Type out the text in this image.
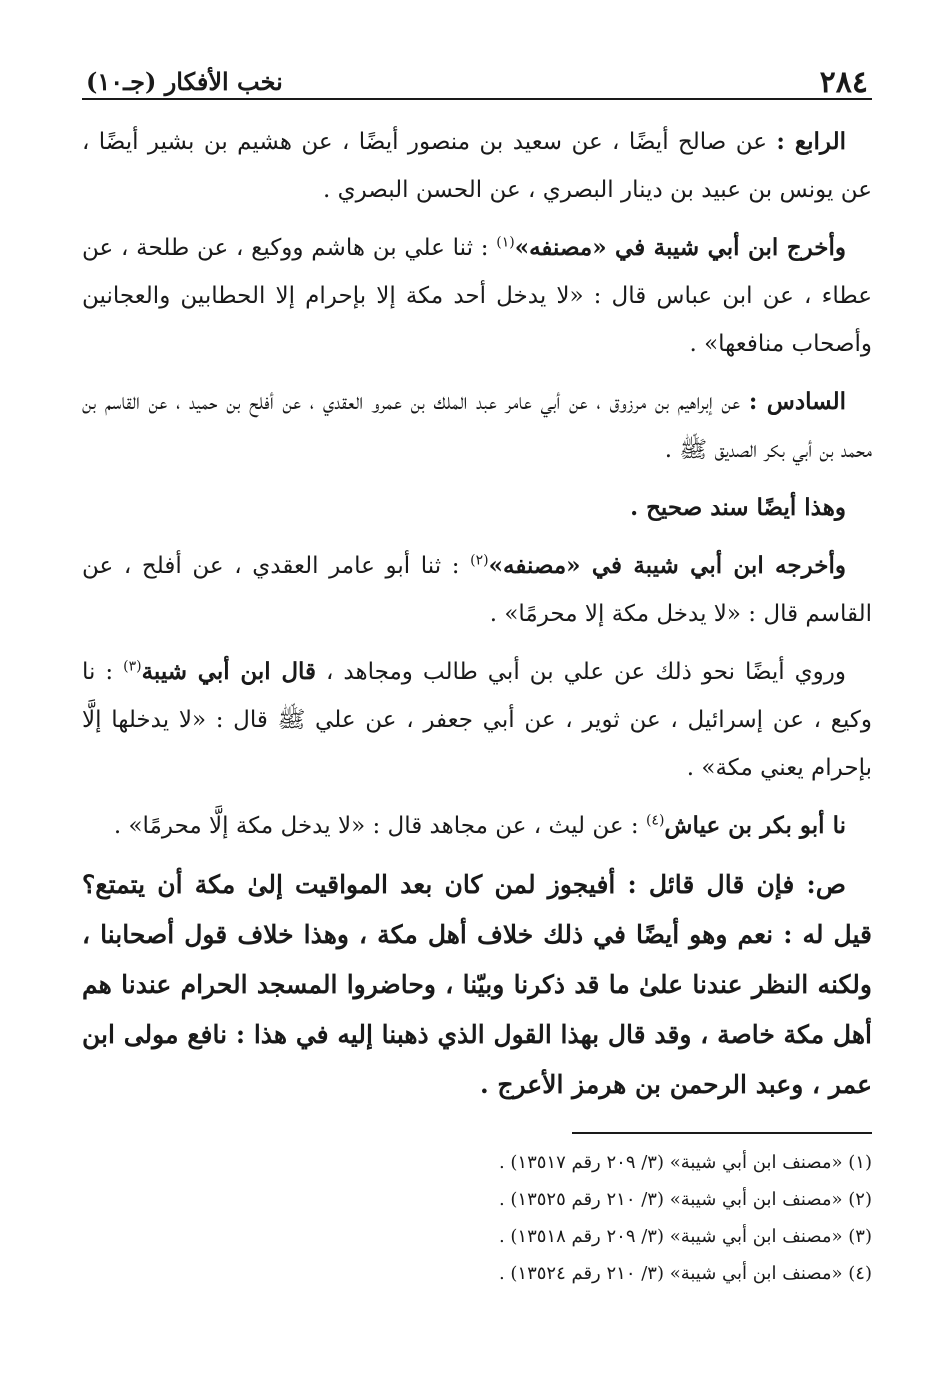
٢٨٤
نخب الأفكار (جـ١٠)

الرابع : عن صالح أيضًا ، عن سعيد بن منصور أيضًا ، عن هشيم بن بشير أيضًا ، عن يونس بن عبيد بن دينار البصري ، عن الحسن البصري .

وأخرج ابن أبي شيبة في «مصنفه»$^{(١)}$ : ثنا علي بن هاشم ووكيع ، عن طلحة ، عن عطاء ، عن ابن عباس قال : «لا يدخل أحد مكة إلا بإحرام إلا الحطابين والعجانين وأصحاب منافعها» .

السادس : عن إبراهيم بن مرزوق ، عن أبي عامر عبد الملك بن عمرو العقدي ، عن أفلح بن حميد ، عن القاسم بن محمد بن أبي بكر الصديق ﷺ .

وهذا أيضًا سند صحيح .

وأخرجه ابن أبي شيبة في «مصنفه»$^{(٢)}$ : ثنا أبو عامر العقدي ، عن أفلح ، عن القاسم قال : «لا يدخل مكة إلا محرمًا» .

وروي أيضًا نحو ذلك عن علي بن أبي طالب ومجاهد ، قال ابن أبي شيبة$^{(٣)}$ : نا وكيع ، عن إسرائيل ، عن ثوير ، عن أبي جعفر ، عن علي ﷺ قال : «لا يدخلها إلَّا بإحرام يعني مكة» .

نا أبو بكر بن عياش$^{(٤)}$ : عن ليث ، عن مجاهد قال : «لا يدخل مكة إلَّا محرمًا» .

ص: فإن قال قائل : أفيجوز لمن كان بعد المواقيت إلىٰ مكة أن يتمتع؟ قيل له : نعم وهو أيضًا في ذلك خلاف أهل مكة ، وهذا خلاف قول أصحابنا ، ولكنه النظر عندنا علىٰ ما قد ذكرنا وبيّنا ، وحاضروا المسجد الحرام عندنا هم أهل مكة خاصة ، وقد قال بهذا القول الذي ذهبنا إليه في هذا : نافع مولى ابن عمر ، وعبد الرحمن بن هرمز الأعرج .

(١) «مصنف ابن أبي شيبة» (٣/ ٢٠٩ رقم ١٣٥١٧) .
(٢) «مصنف ابن أبي شيبة» (٣/ ٢١٠ رقم ١٣٥٢٥) .
(٣) «مصنف ابن أبي شيبة» (٣/ ٢٠٩ رقم ١٣٥١٨) .
(٤) «مصنف ابن أبي شيبة» (٣/ ٢١٠ رقم ١٣٥٢٤) .
